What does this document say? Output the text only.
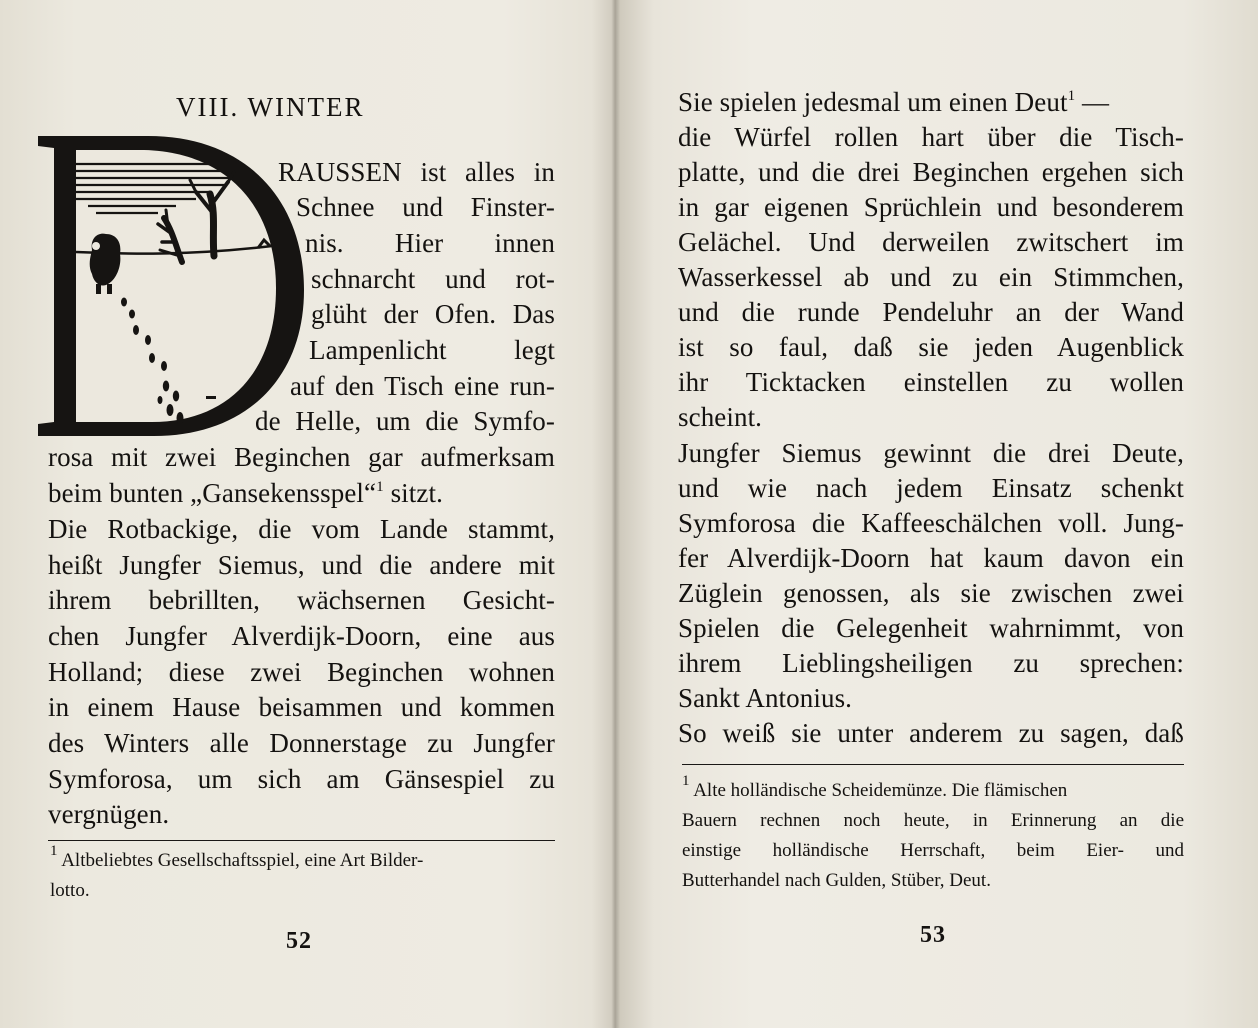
VIII. WINTER
RAUSSEN ist alles in
Schnee und Finster-
nis. Hier innen
schnarcht und rot-
glüht der Ofen. Das
Lampenlicht legt
auf den Tisch eine run-
de Helle, um die Symfo-
rosa mit zwei Beginchen gar aufmerksam
beim bunten „Gansekensspel“$^1$ sitzt.
Die Rotbackige, die vom Lande stammt,
heißt Jungfer Siemus, und die andere mit
ihrem bebrillten, wächsernen Gesicht-
chen Jungfer Alverdijk-Doorn, eine aus
Holland; diese zwei Beginchen wohnen
in einem Hause beisammen und kommen
des Winters alle Donnerstage zu Jungfer
Symforosa, um sich am Gänsespiel zu
vergnügen.
$^1$ Altbeliebtes Gesellschaftsspiel, eine Art Bilder-
lotto.
52
Sie spielen jedesmal um einen Deut$^1$ —
die Würfel rollen hart über die Tisch-
platte, und die drei Beginchen ergehen sich
in gar eigenen Sprüchlein und besonderem
Gelächel. Und derweilen zwitschert im
Wasserkessel ab und zu ein Stimmchen,
und die runde Pendeluhr an der Wand
ist so faul, daß sie jeden Augenblick
ihr Ticktacken einstellen zu wollen
scheint.
Jungfer Siemus gewinnt die drei Deute,
und wie nach jedem Einsatz schenkt
Symforosa die Kaffeeschälchen voll. Jung-
fer Alverdijk-Doorn hat kaum davon ein
Züglein genossen, als sie zwischen zwei
Spielen die Gelegenheit wahrnimmt, von
ihrem Lieblingsheiligen zu sprechen:
Sankt Antonius.
So weiß sie unter anderem zu sagen, daß
$^1$ Alte holländische Scheidemünze. Die flämischen
Bauern rechnen noch heute, in Erinnerung an die
einstige holländische Herrschaft, beim Eier- und
Butterhandel nach Gulden, Stüber, Deut.
53
